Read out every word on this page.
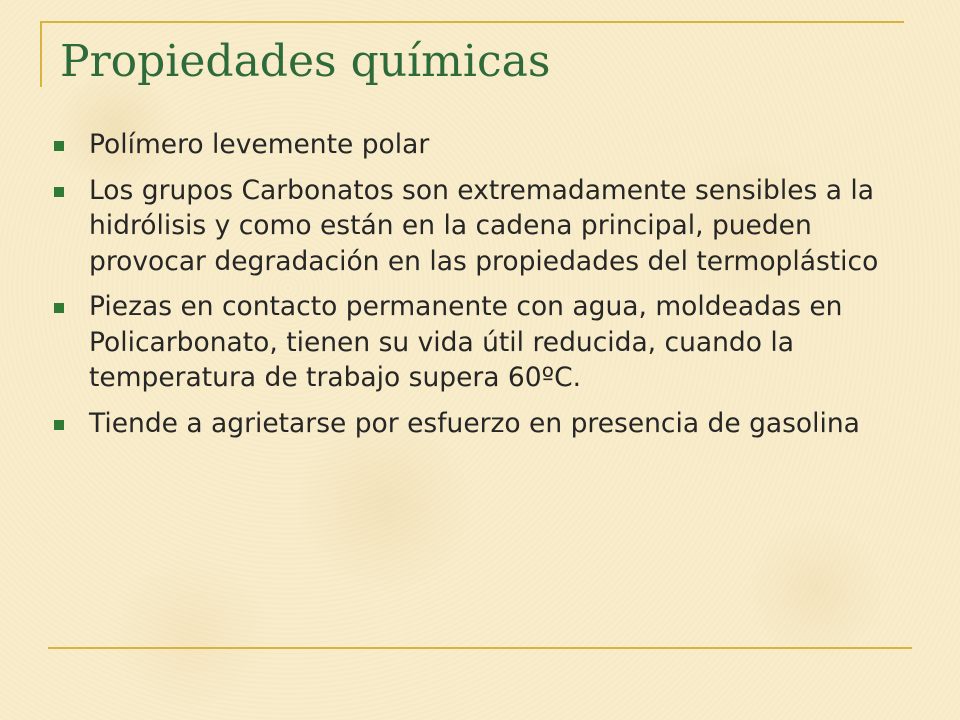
Propiedades químicas
Polímero levemente polar
Los grupos Carbonatos son extremadamente sensibles a la hidrólisis y como están en la cadena principal, pueden provocar degradación en las propiedades del termoplástico
Piezas en contacto permanente con agua, moldeadas en Policarbonato, tienen su vida útil reducida, cuando la temperatura de trabajo supera 60ºC.
Tiende a agrietarse por esfuerzo en presencia de gasolina
